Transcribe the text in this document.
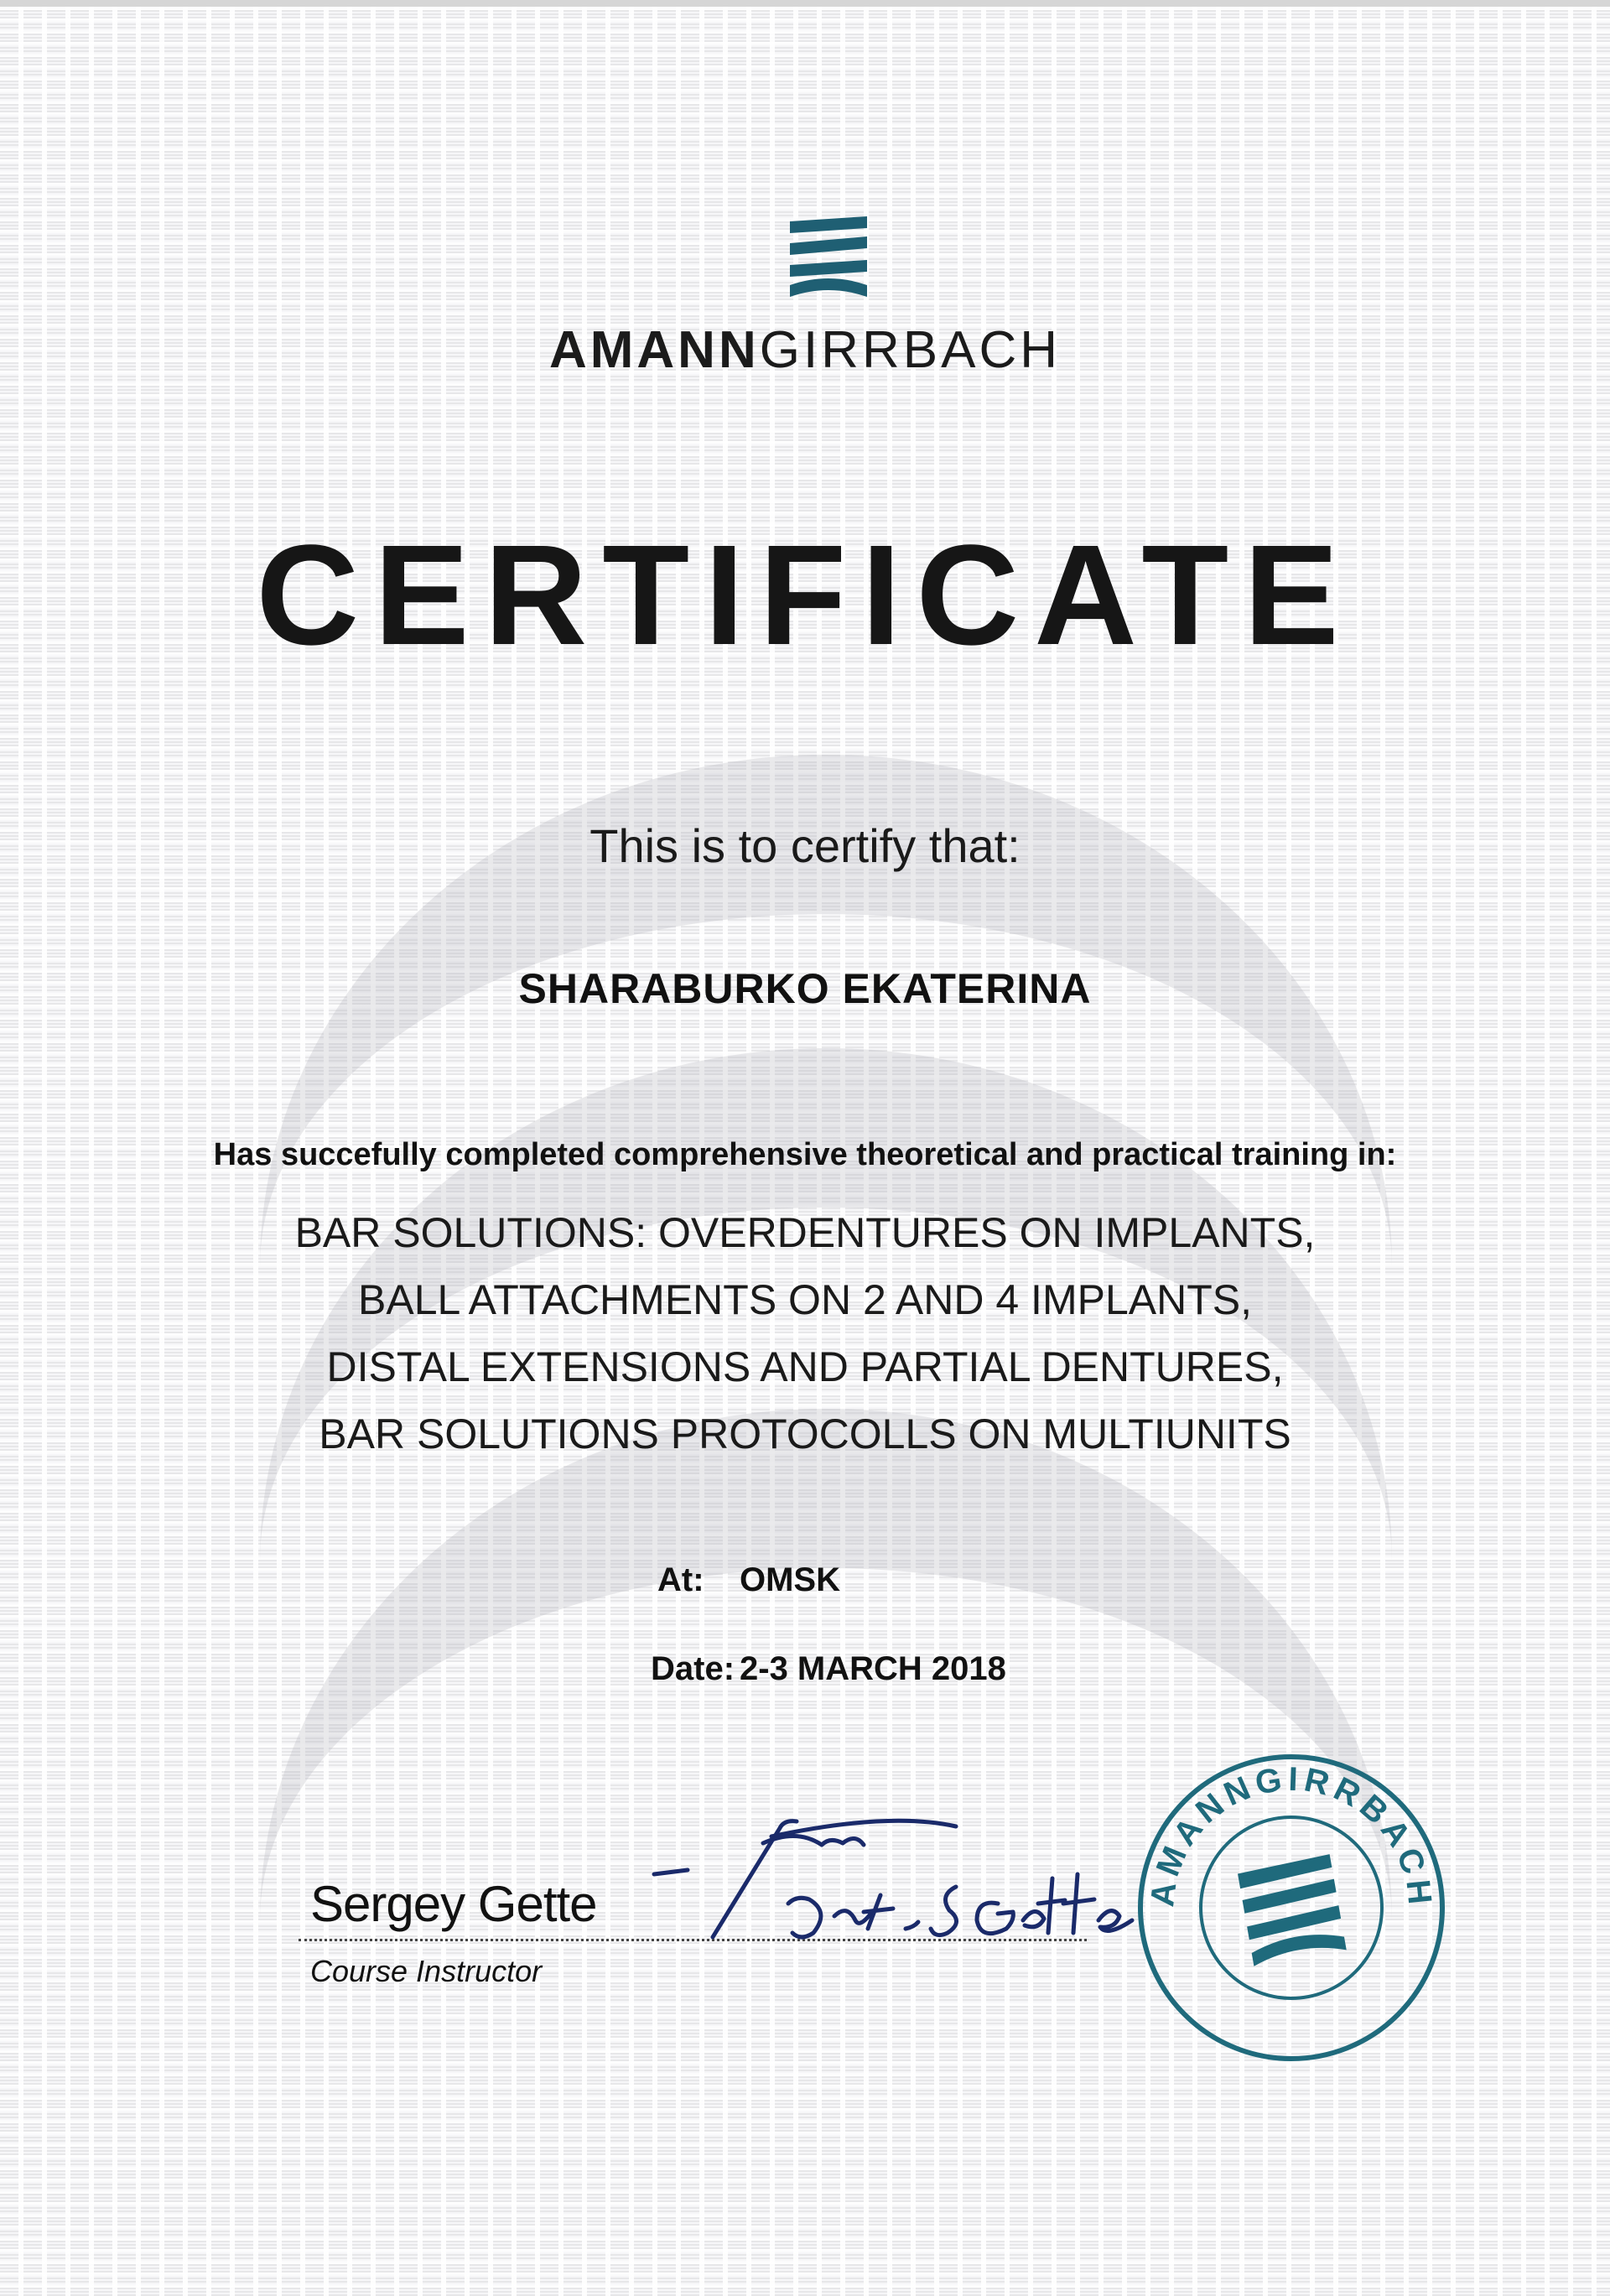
AMANNGIRRBACH
CERTIFICATE
This is to certify that:
SHARABURKO EKATERINA
Has succefully completed comprehensive theoretical and practical training in:
BAR SOLUTIONS: OVERDENTURES ON IMPLANTS,
BALL ATTACHMENTS ON 2 AND 4 IMPLANTS,
DISTAL EXTENSIONS AND PARTIAL DENTURES,
BAR SOLUTIONS PROTOCOLLS ON MULTIUNITS
At: OMSK
Date: 2-3 MARCH 2018
Sergey Gette
Course Instructor
AMANNGIRRBACH
